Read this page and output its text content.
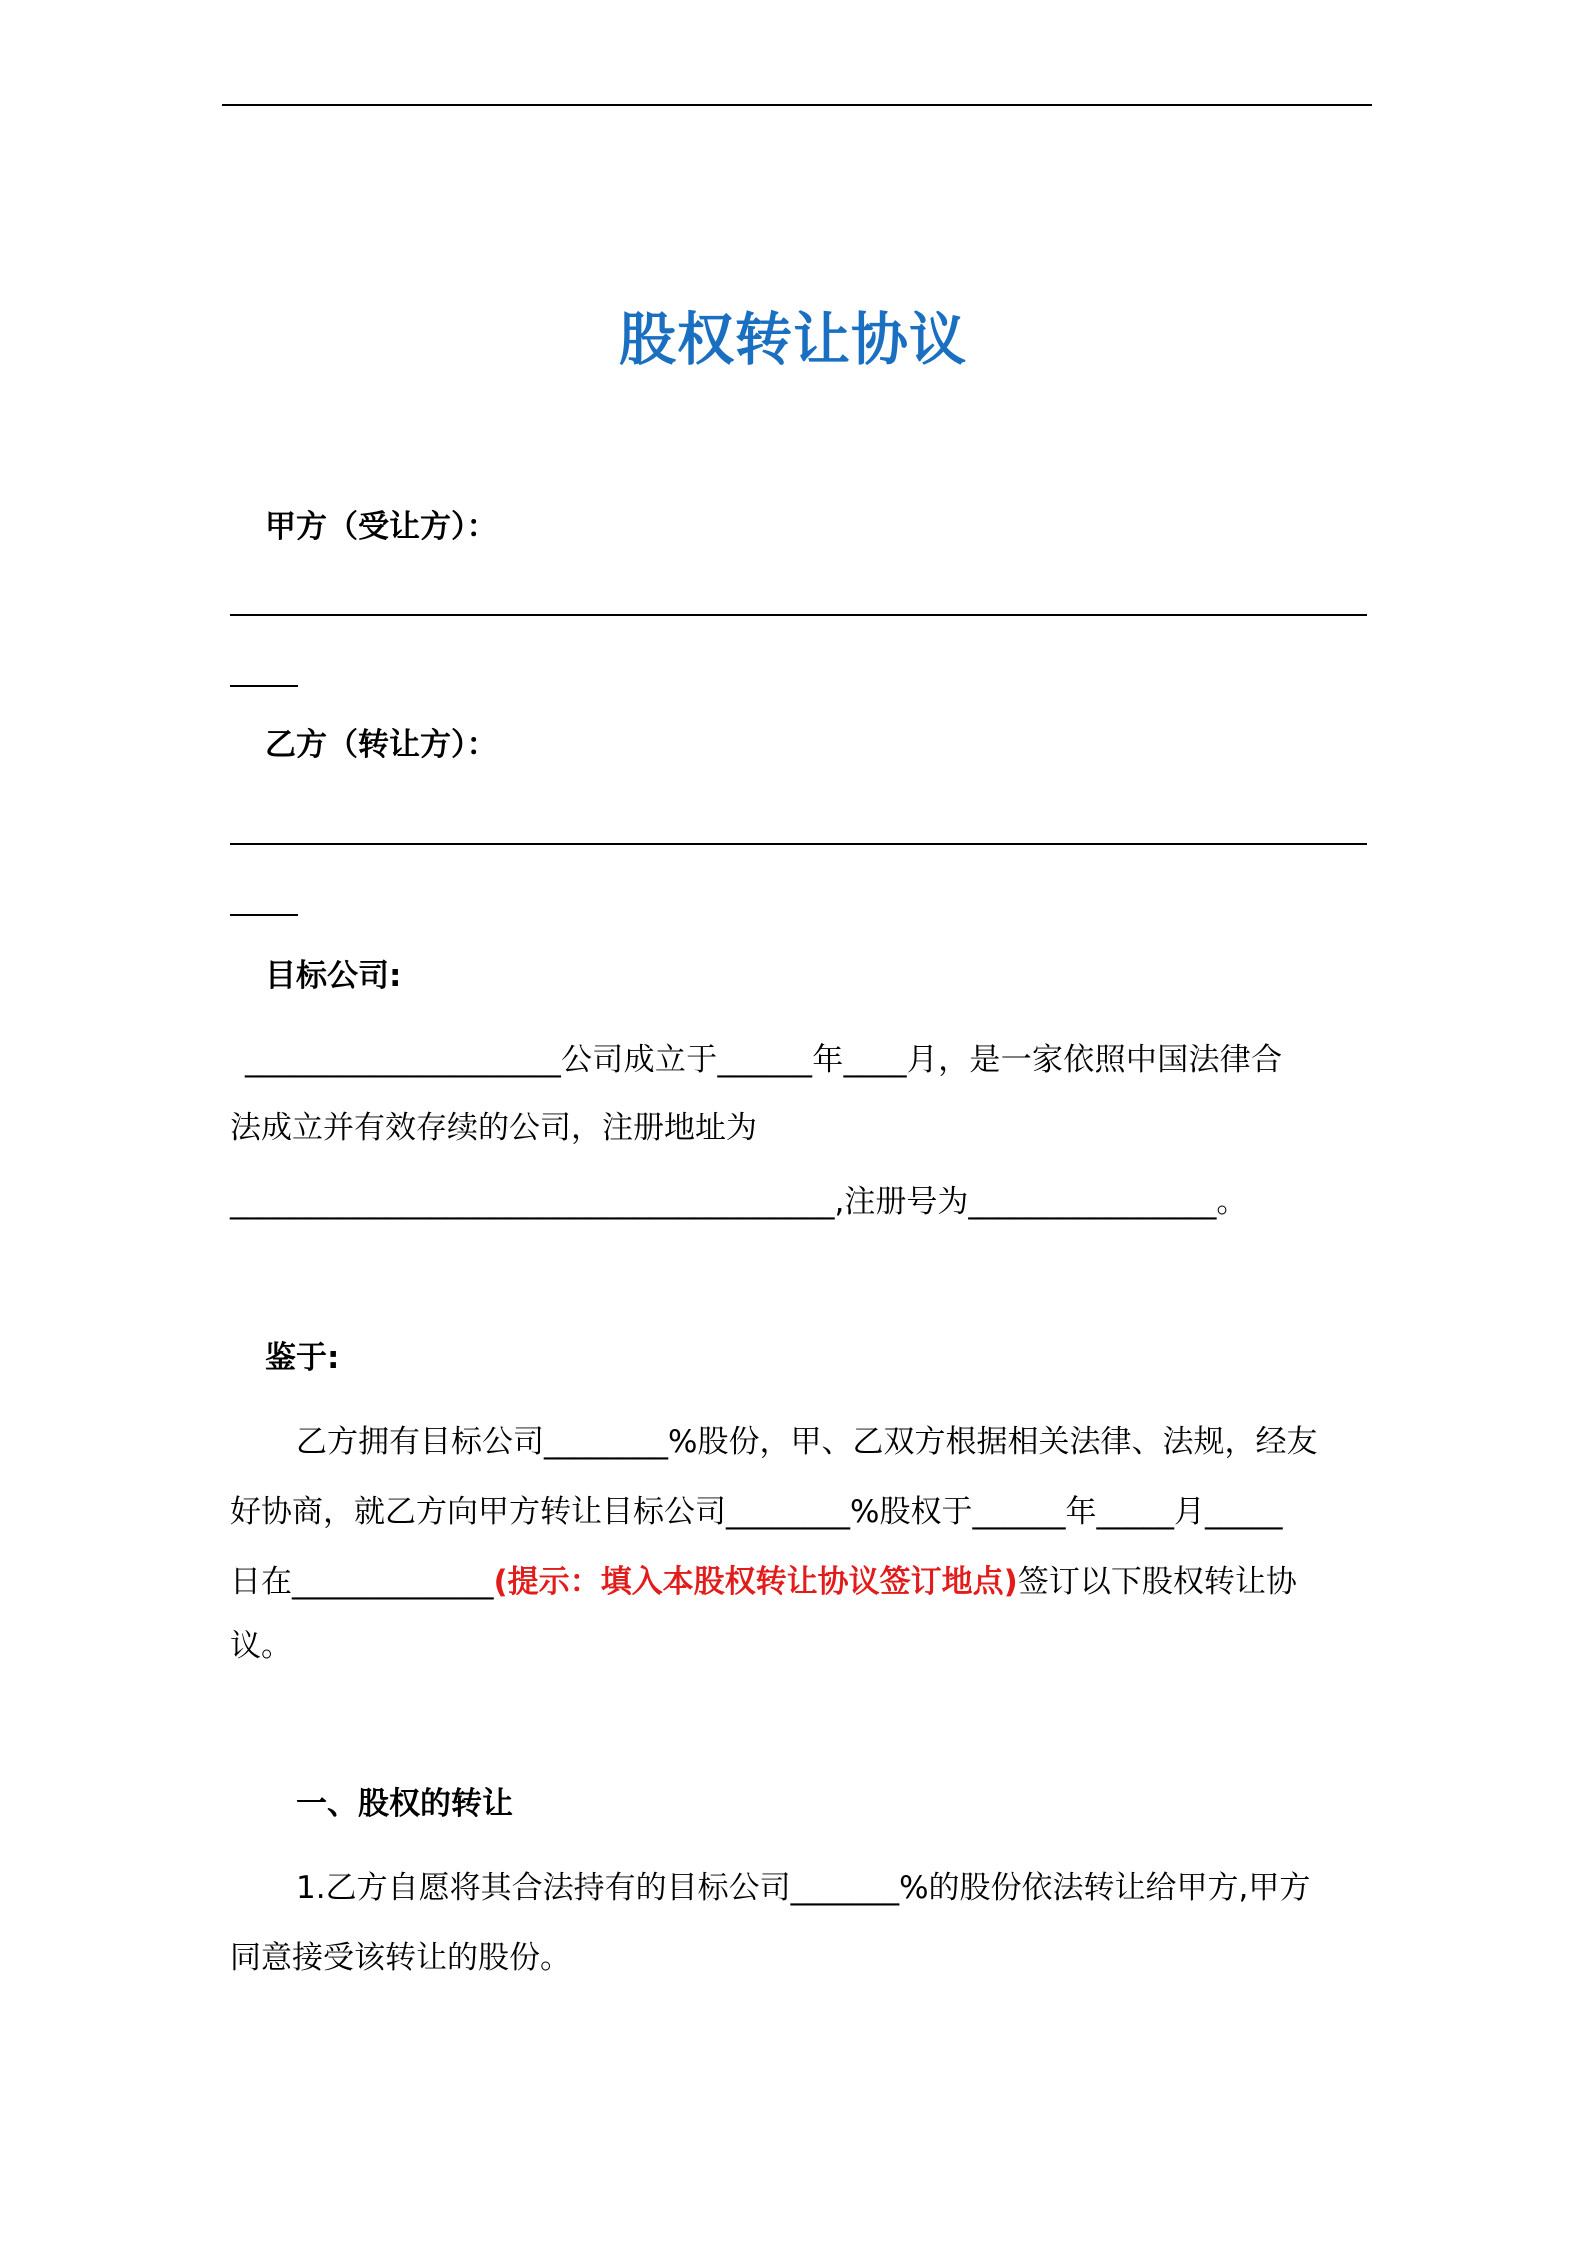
股权转让协议
甲方（受让方）：
乙方（转让方）：
目标公司:
____________________公司成立于______年____月，是一家依照中国法律合
法成立并有效存续的公司，注册地址为
_______________________________________,注册号为________________。
鉴于:
乙方拥有目标公司________%股份，甲、乙双方根据相关法律、法规，经友
好协商，就乙方向甲方转让目标公司________%股权于______年_____月_____
日在_____________(提示：填入本股权转让协议签订地点)签订以下股权转让协
议。
一、股权的转让
1.乙方自愿将其合法持有的目标公司_______%的股份依法转让给甲方,甲方
同意接受该转让的股份。
